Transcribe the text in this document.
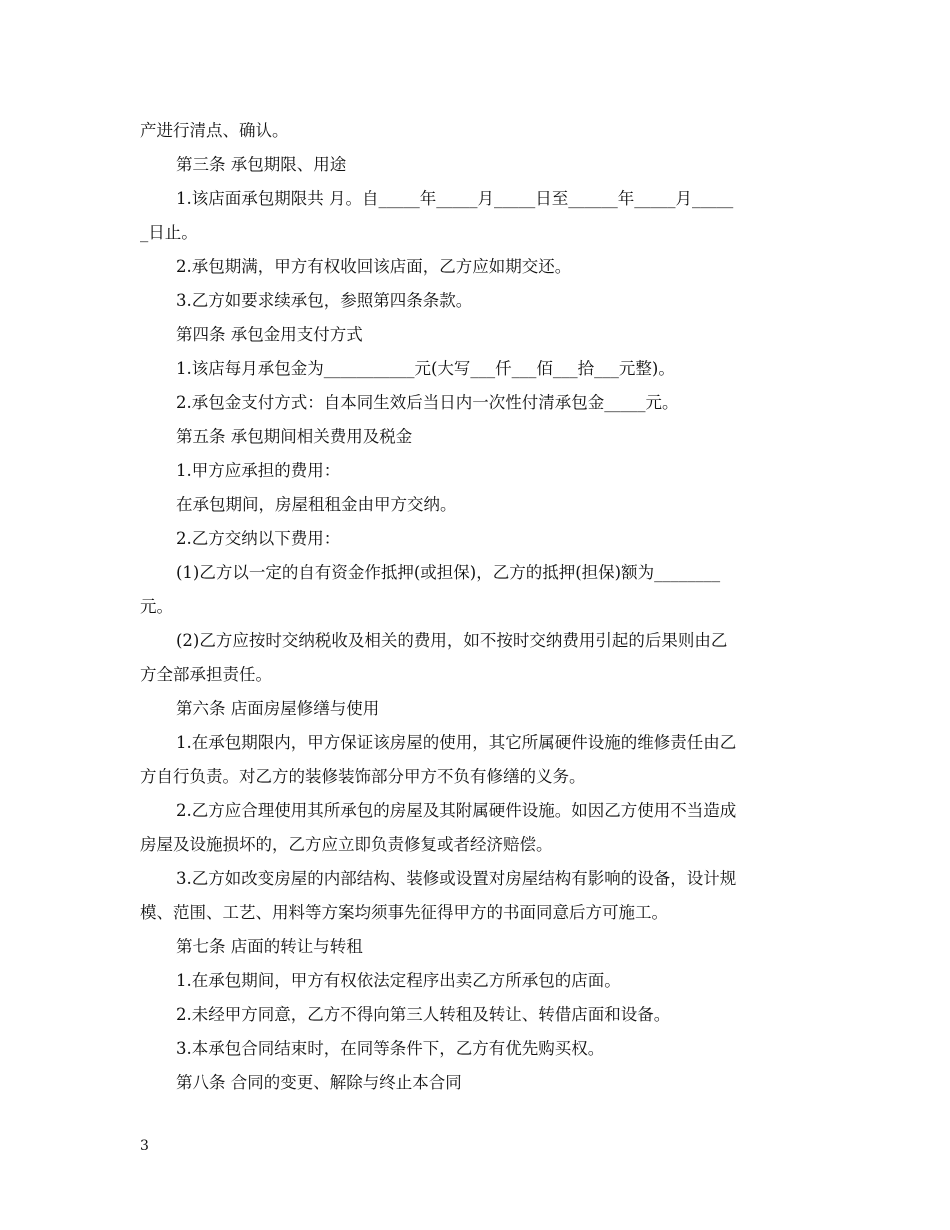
产进行清点、确认。
第三条 承包期限、用途
1.该店面承包期限共 月。自_____年_____月_____日至______年_____月_____
_日止。
2.承包期满，甲方有权收回该店面，乙方应如期交还。
3.乙方如要求续承包，参照第四条条款。
第四条 承包金用支付方式
1.该店每月承包金为___________元(大写___仟___佰___拾___元整)。
2.承包金支付方式：自本同生效后当日内一次性付清承包金_____元。
第五条 承包期间相关费用及税金
1.甲方应承担的费用：
在承包期间，房屋租租金由甲方交纳。
2.乙方交纳以下费用：
(1)乙方以一定的自有资金作抵押(或担保)，乙方的抵押(担保)额为________
元。
(2)乙方应按时交纳税收及相关的费用，如不按时交纳费用引起的后果则由乙
方全部承担责任。
第六条 店面房屋修缮与使用
1.在承包期限内，甲方保证该房屋的使用，其它所属硬件设施的维修责任由乙
方自行负责。对乙方的装修装饰部分甲方不负有修缮的义务。
2.乙方应合理使用其所承包的房屋及其附属硬件设施。如因乙方使用不当造成
房屋及设施损坏的，乙方应立即负责修复或者经济赔偿。
3.乙方如改变房屋的内部结构、装修或设置对房屋结构有影响的设备，设计规
模、范围、工艺、用料等方案均须事先征得甲方的书面同意后方可施工。
第七条 店面的转让与转租
1.在承包期间，甲方有权依法定程序出卖乙方所承包的店面。
2.未经甲方同意，乙方不得向第三人转租及转让、转借店面和设备。
3.本承包合同结束时，在同等条件下，乙方有优先购买权。
第八条 合同的变更、解除与终止本合同
3
